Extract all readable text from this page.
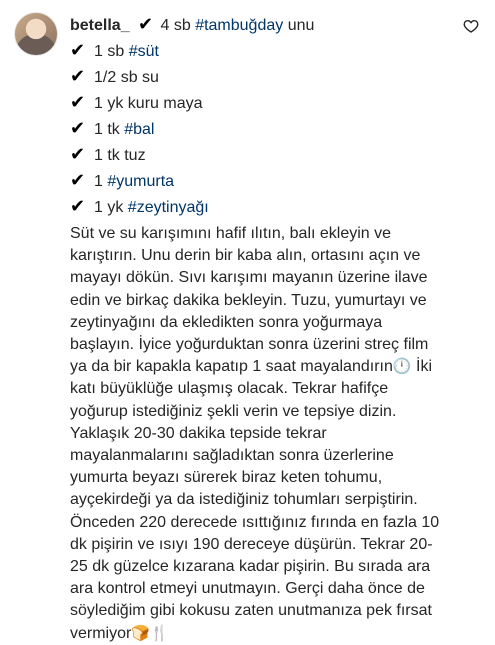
betella_ ✔ 4 sb #tambuğday unu
✔ 1 sb #süt
✔ 1/2 sb su
✔ 1 yk kuru maya
✔ 1 tk #bal
✔ 1 tk tuz
✔ 1 #yumurta
✔ 1 yk #zeytinyağı
Süt ve su karışımını hafif ılıtın, balı ekleyin ve karıştırın. Unu derin bir kaba alın, ortasını açın ve mayayı dökün. Sıvı karışımı mayanın üzerine ilave edin ve birkaç dakika bekleyin. Tuzu, yumurtayı ve zeytinyağını da ekledikten sonra yoğurmaya başlayın. İyice yoğurduktan sonra üzerini streç film ya da bir kapakla kapatıp 1 saat mayalandırın🕛 İki katı büyüklüğe ulaşmış olacak. Tekrar hafifçe yoğurup istediğiniz şekli verin ve tepsiye dizin. Yaklaşık 20-30 dakika tepside tekrar mayalanmalarını sağladıktan sonra üzerlerine yumurta beyazı sürerek biraz keten tohumu, ayçekirdeği ya da istediğiniz tohumları serpiştirin. Önceden 220 derecede ısıttığınız fırında en fazla 10 dk pişirin ve ısıyı 190 dereceye düşürün. Tekrar 20-25 dk güzelce kızarana kadar pişirin. Bu sırada ara ara kontrol etmeyi unutmayın. Gerçi daha önce de söylediğim gibi kokusu zaten unutmanıza pek fırsat vermiyor🍞🍴
